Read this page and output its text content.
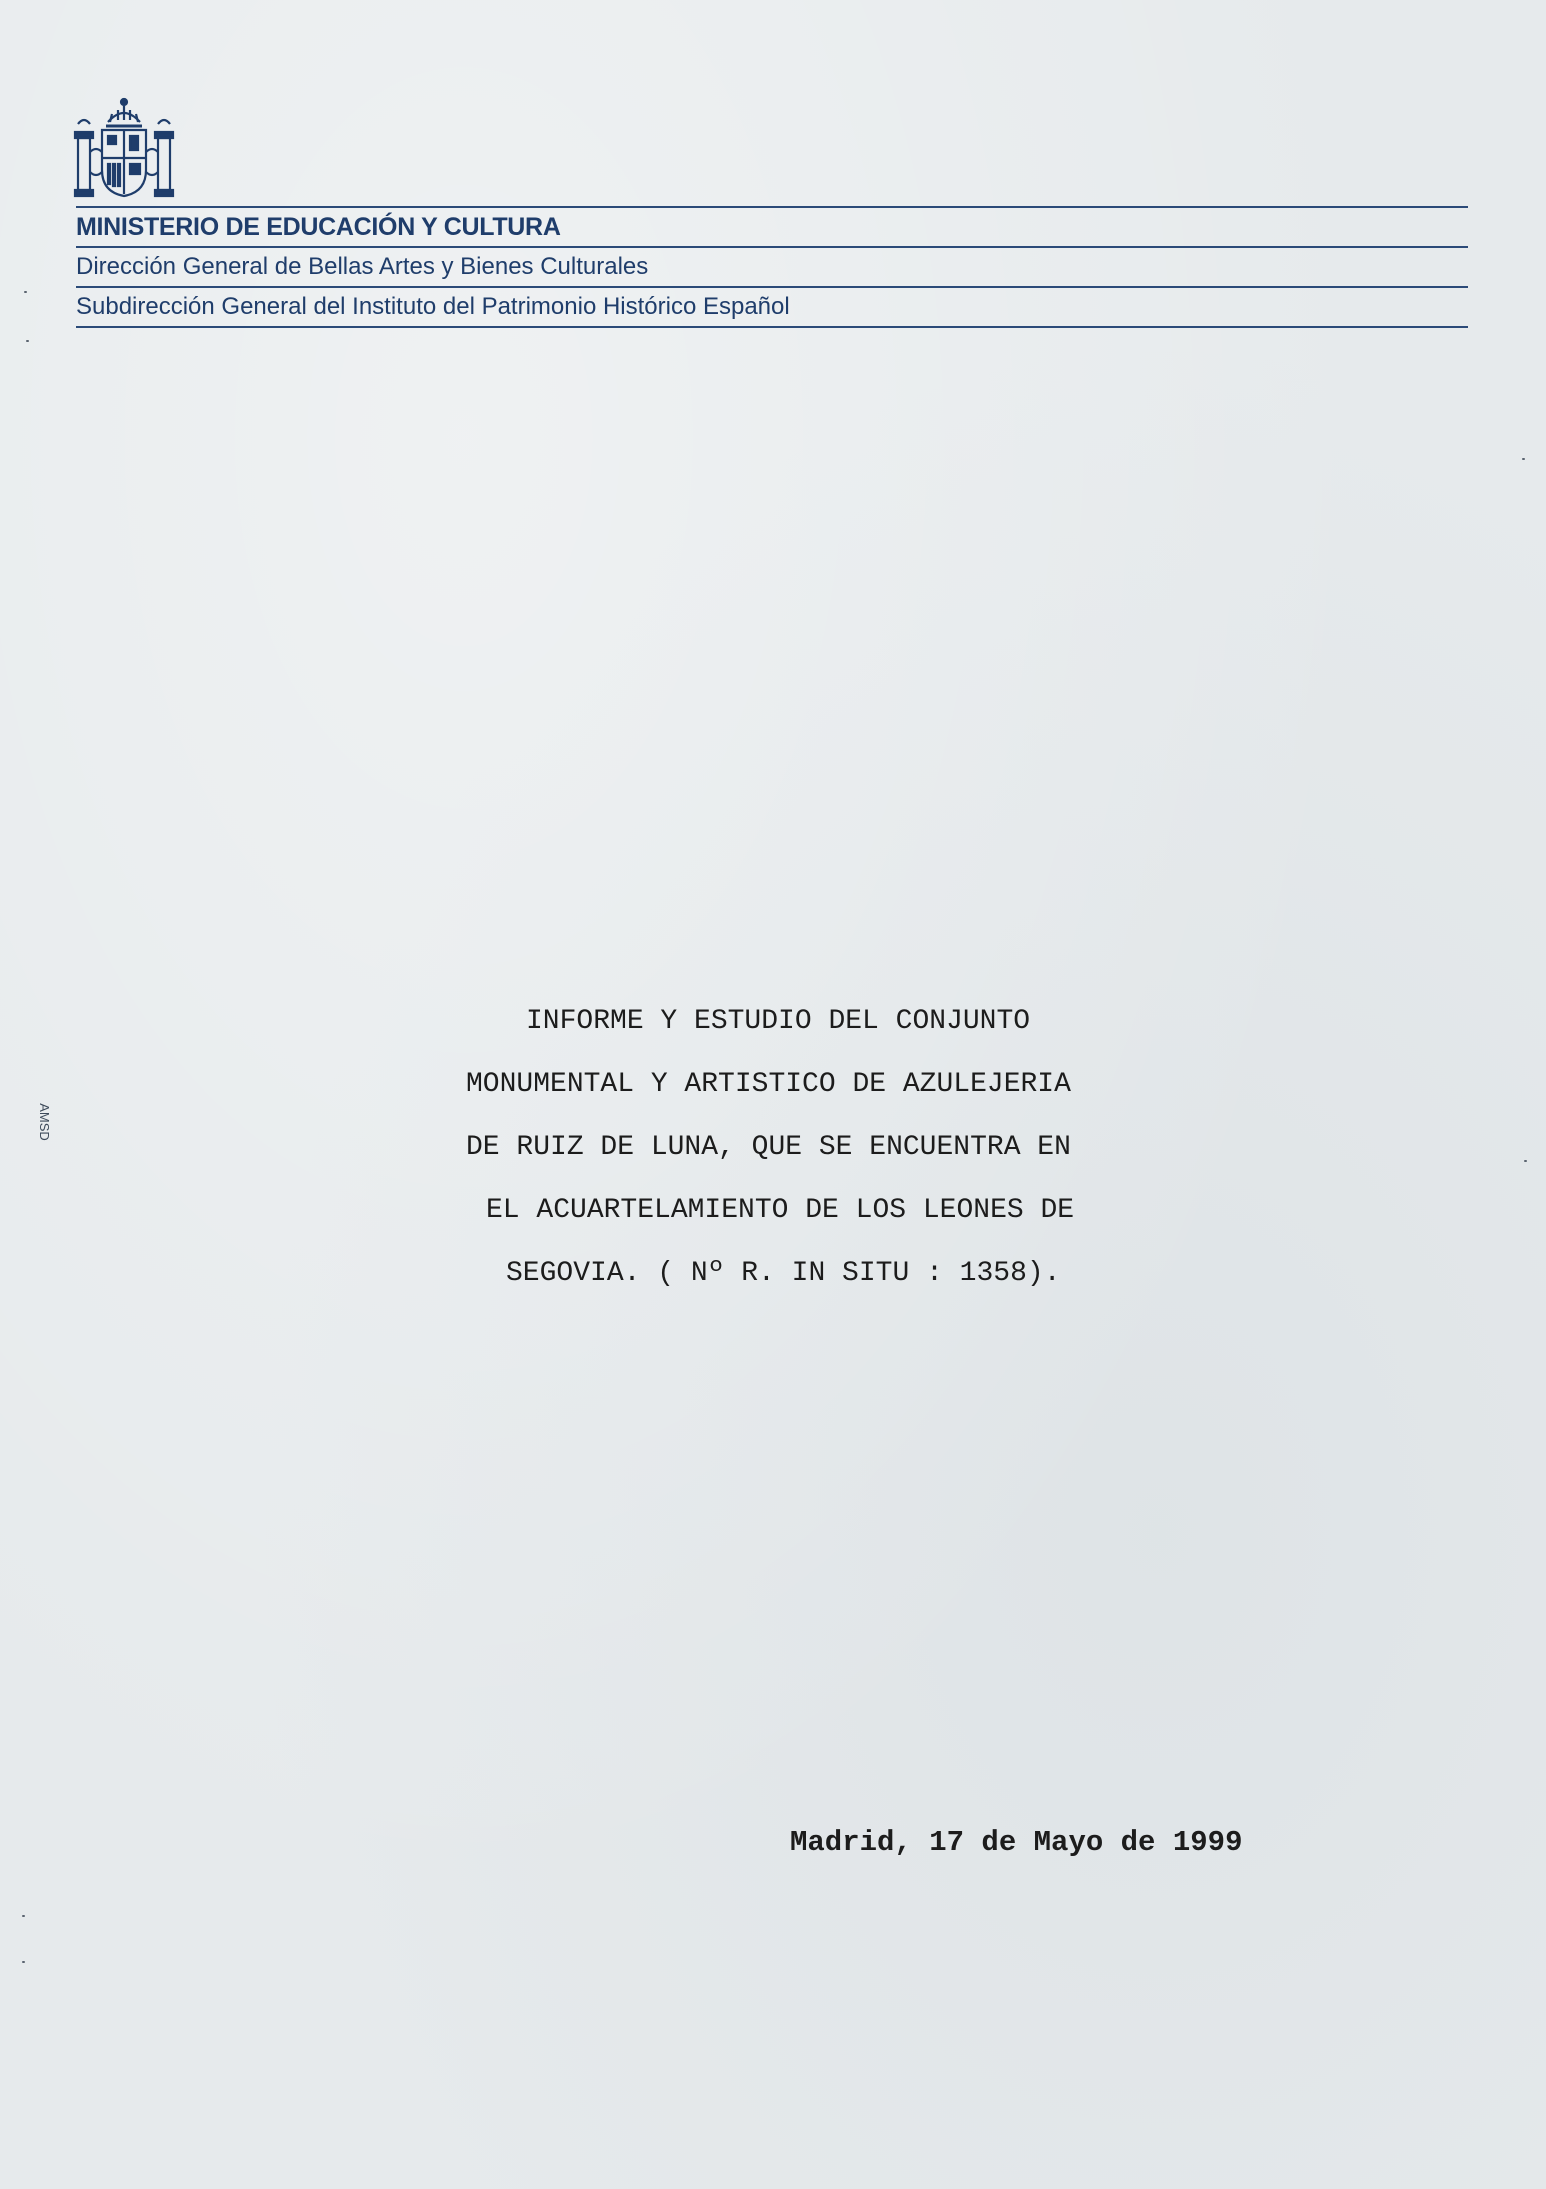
MINISTERIO DE EDUCACIÓN Y CULTURA
Dirección General de Bellas Artes y Bienes Culturales
Subdirección General del Instituto del Patrimonio Histórico Español
INFORME Y ESTUDIO DEL CONJUNTO
MONUMENTAL Y ARTISTICO DE AZULEJERIA
DE RUIZ DE LUNA, QUE SE ENCUENTRA EN
EL ACUARTELAMIENTO DE LOS LEONES DE
SEGOVIA. ( Nº R. IN SITU : 1358).
Madrid, 17 de Mayo de 1999
AMSD
